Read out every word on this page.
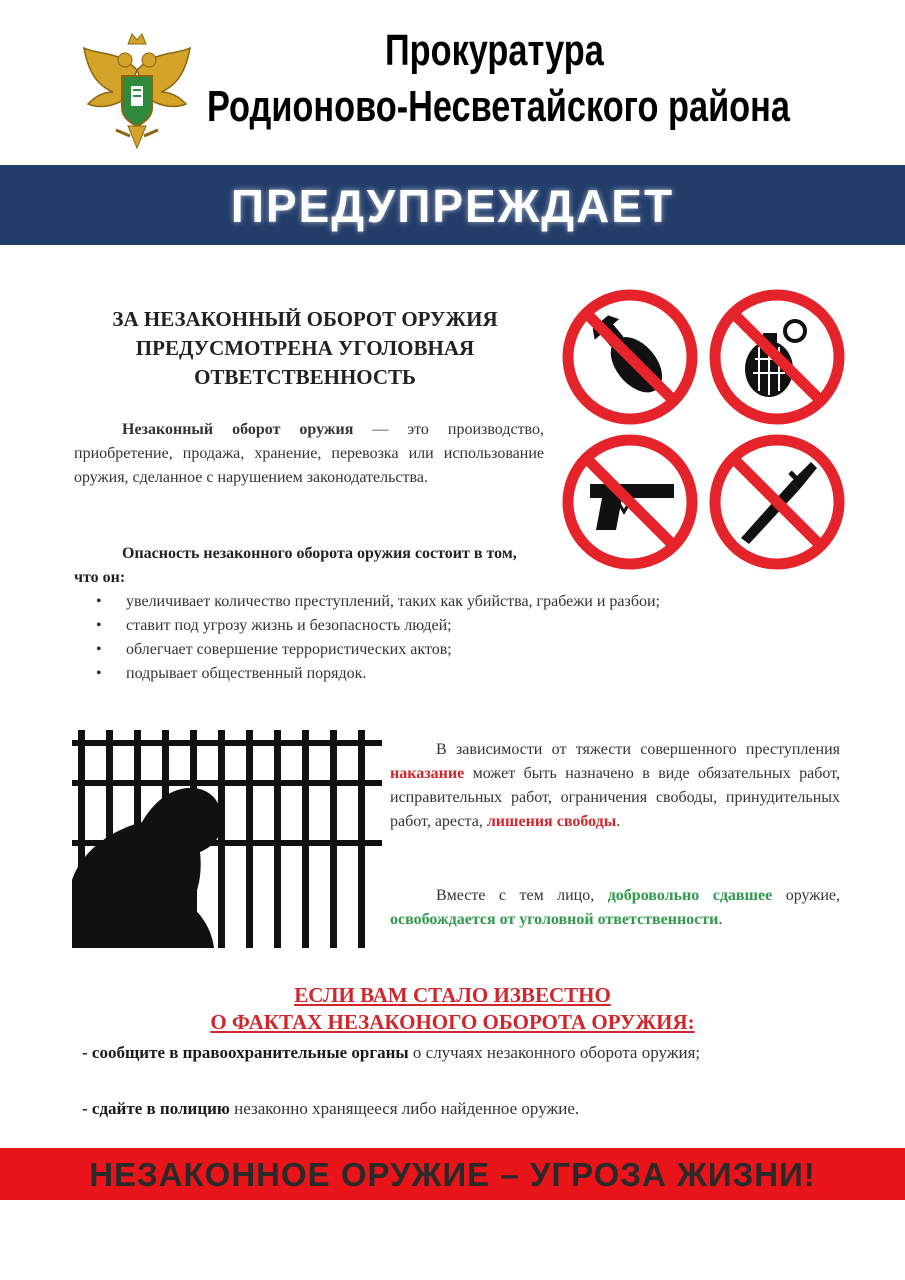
Прокуратура
Родионово-Несветайского района
ПРЕДУПРЕЖДАЕТ
ЗА НЕЗАКОННЫЙ ОБОРОТ ОРУЖИЯ
ПРЕДУСМОТРЕНА УГОЛОВНАЯ
ОТВЕТСТВЕННОСТЬ
Незаконный оборот оружия — это производство, приобретение, продажа, хранение, перевозка или использование оружия, сделанное с нарушением законодательства.
Опасность незаконного оборота оружия состоит в том, что он:
• увеличивает количество преступлений, таких как убийства, грабежи и разбои;
• ставит под угрозу жизнь и безопасность людей;
• облегчает совершение террористических актов;
• подрывает общественный порядок.
В зависимости от тяжести совершенного преступления наказание может быть назначено в виде обязательных работ, исправительных работ, ограничения свободы, принудительных работ, ареста, лишения свободы.
Вместе с тем лицо, добровольно сдавшее оружие, освобождается от уголовной ответственности.
ЕСЛИ ВАМ СТАЛО ИЗВЕСТНО
О ФАКТАХ НЕЗАКОНОГО ОБОРОТА ОРУЖИЯ:
- сообщите в правоохранительные органы о случаях незаконного оборота оружия;
- сдайте в полицию незаконно хранящееся либо найденное оружие.
НЕЗАКОННОЕ ОРУЖИЕ – УГРОЗА ЖИЗНИ!
